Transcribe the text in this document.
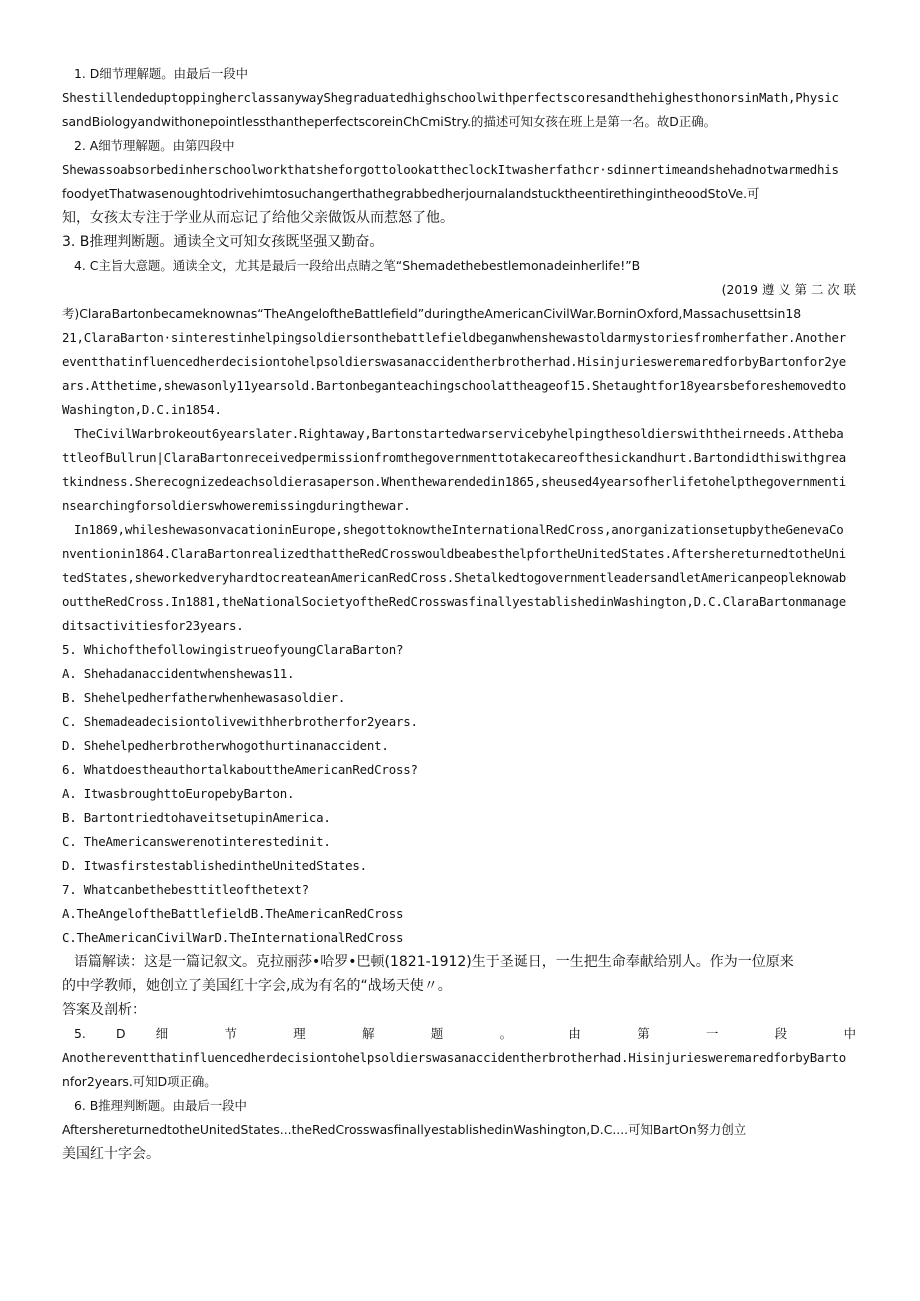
1. D细节理解题。由最后一段中
ShestillendeduptoppingherclassanywayShegraduatedhighschoolwithperfectscoresandthehighesthonorsinMath,Physic
sandBiologyandwithonepointlessthantheperfectscoreinChCmiStry.的描述可知女孩在班上是第一名。故D正确。
2. A细节理解题。由第四段中
ShewassoabsorbedinherschoolworkthatsheforgottolookattheclockItwasherfathcr·sdinnertimeandshehadnotwarmedhis
foodyetThatwasenoughtodrivehimtosuchangerthathegrabbedherjournalandstucktheentirethingintheoodStoVe.可
知，女孩太专注于学业从而忘记了给他父亲做饭从而惹怒了他。
3. B推理判断题。通读全文可知女孩既坚强又勤奋。
4. C主旨大意题。通读全文，尤其是最后一段给出点睛之笔“Shemadethebestlemonadeinherlife!”B
(2019 遵 义 第 二 次 联
考)ClaraBartonbecameknownas“TheAngeloftheBattlefield”duringtheAmericanCivilWar.BorninOxford,Massachusettsin18
21,ClaraBarton·sinterestinhelpingsoldiersonthebattlefieldbeganwhenshewastoldarmystoriesfromherfather.Another
eventthatinfluencedherdecisiontohelpsoldierswasanaccidentherbrotherhad.HisinjuriesweremaredforbyBartonfor2ye
ars.Atthetime,shewasonly11yearsold.Bartonbeganteachingschoolattheageof15.Shetaughtfor18yearsbeforeshemovedto
Washington,D.C.in1854.
TheCivilWarbrokeout6yearslater.Rightaway,Bartonstartedwarservicebyhelpingthesoldierswiththeirneeds.Attheba
ttleofBullrun|ClaraBartonreceivedpermissionfromthegovernmenttotakecareofthesickandhurt.Bartondidthiswithgrea
tkindness.Sherecognizedeachsoldierasaperson.Whenthewarendedin1865,sheused4yearsofherlifetohelpthegovernmenti
nsearchingforsoldierswhoweremissingduringthewar.
In1869,whileshewasonvacationinEurope,shegottoknowtheInternationalRedCross,anorganizationsetupbytheGenevaCo
nventionin1864.ClaraBartonrealizedthattheRedCrosswouldbeabesthelpfortheUnitedStates.AftershereturnedtotheUni
tedStates,sheworkedveryhardtocreateanAmericanRedCross.ShetalkedtogovernmentleadersandletAmericanpeopleknowab
outtheRedCross.In1881,theNationalSocietyoftheRedCrosswasfinallyestablishedinWashington,D.C.ClaraBartonmanage
ditsactivitiesfor23years.
5. WhichofthefollowingistrueofyoungClaraBarton?
A. Shehadanaccidentwhenshewas11.
B. Shehelpedherfatherwhenhewasasoldier.
C. Shemadeadecisiontolivewithherbrotherfor2years.
D. Shehelpedherbrotherwhogothurtinanaccident.
6. WhatdoestheauthortalkabouttheAmericanRedCross?
A. ItwasbroughttoEuropebyBarton.
B. BartontriedtohaveitsetupinAmerica.
C. TheAmericanswerenotinterestedinit.
D. ItwasfirstestablishedintheUnitedStates.
7. Whatcanbethebesttitleofthetext?
A.TheAngeloftheBattlefieldB.TheAmericanRedCross
C.TheAmericanCivilWarD.TheInternationalRedCross
语篇解读：这是一篇记叙文。克拉丽莎•哈罗•巴顿(1821-1912)生于圣诞日，一生把生命奉献给别人。作为一位原来
的中学教师，她创立了美国红十字会,成为有名的“战场天使〃。
答案及剖析：
5. D 细 节 理 解 题 。 由 第 一 段 中
Anothereventthatinfluencedherdecisiontohelpsoldierswasanaccidentherbrotherhad.HisinjuriesweremaredforbyBarto
nfor2years.可知D项正确。
6. B推理判断题。由最后一段中
AftershereturnedtotheUnitedStates...theRedCrosswasfinallyestablishedinWashington,D.C....可知BartOn努力创立
美国红十字会。
